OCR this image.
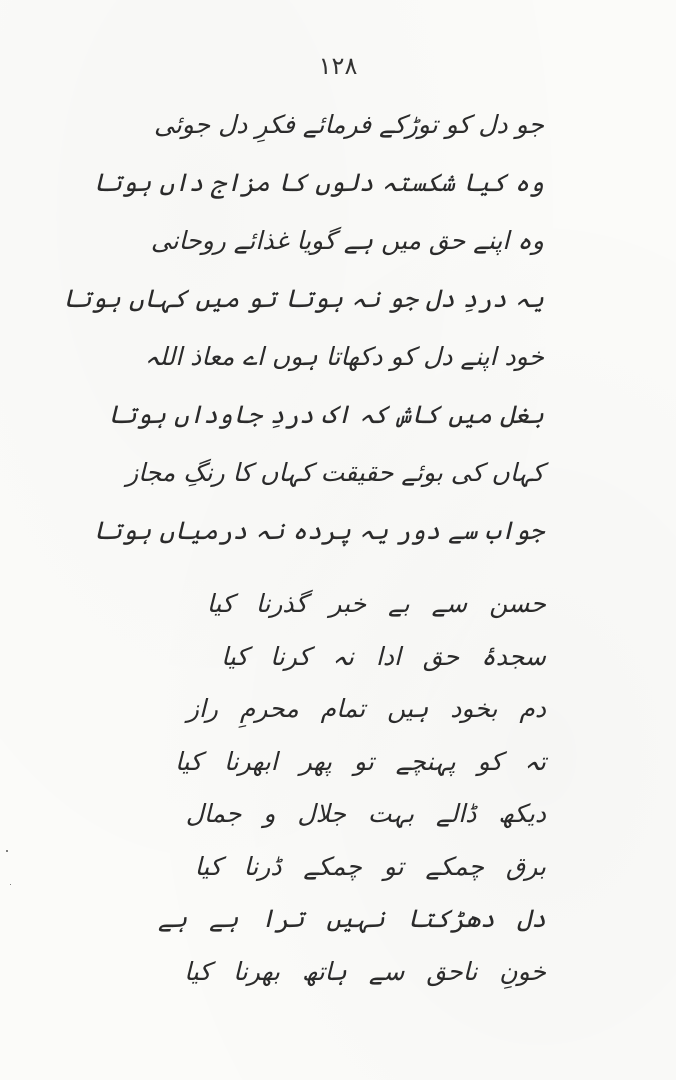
۱۲۸
جو دل کو توڑکے فرمائے فکرِ دل جوئی
وہ کیا شکستہ دلوں کا مزاج داں ہوتا
وہ اپنے حق میں ہے گویا غذائے روحانی
یہ دردِ دل جو نہ ہوتا تو میں کہاں ہوتا
خود اپنے دل کو دکھاتا ہوں اے معاذ اللہ
بغل میں کاش کہ اک دردِ جاوداں ہوتا
کہاں کی بوئے حقیقت کہاں کا رنگِ مجاز
جواب سے دور یہ پردہ نہ درمیاں ہوتا
حسن سے بے خبر گذرنا کیا
سجدۂ حق ادا نہ کرنا کیا
دم بخود ہیں تمام محرمِ راز
تہ کو پہنچے تو پھر ابھرنا کیا
دیکھ ڈالے بہت جلال و جمال
برق چمکے تو چمکے ڈرنا کیا
دل دھڑکتا نہیں ترا ہے ہے
خونِ ناحق سے ہاتھ بھرنا کیا
